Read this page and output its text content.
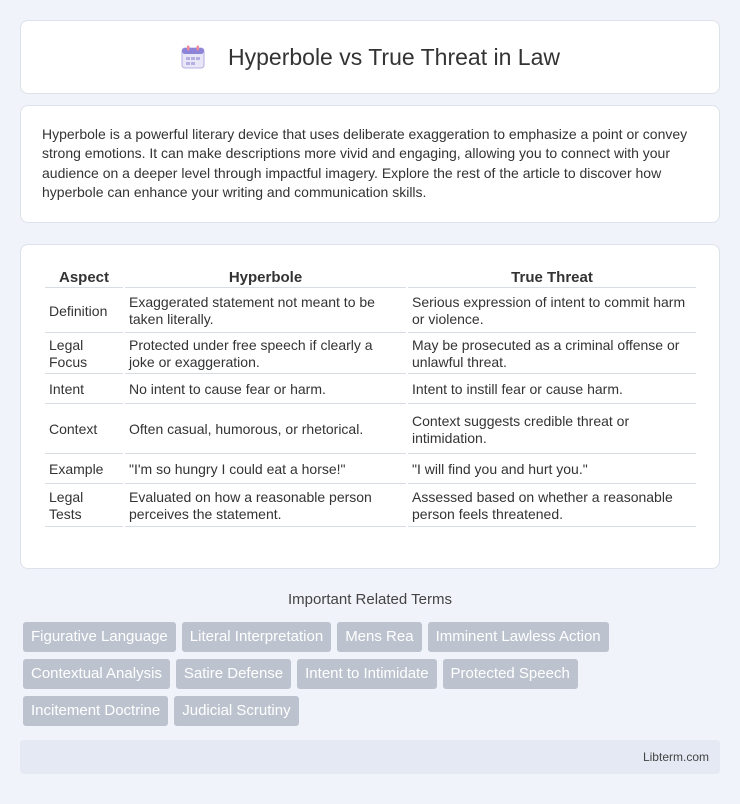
Hyperbole vs True Threat in Law

Hyperbole is a powerful literary device that uses deliberate exaggeration to emphasize a point or convey strong emotions. It can make descriptions more vivid and engaging, allowing you to connect with your audience on a deeper level through impactful imagery. Explore the rest of the article to discover how hyperbole can enhance your writing and communication skills.

Aspect	Hyperbole	True Threat
Definition	Exaggerated statement not meant to be taken literally.	Serious expression of intent to commit harm or violence.
Legal Focus	Protected under free speech if clearly a joke or exaggeration.	May be prosecuted as a criminal offense or unlawful threat.
Intent	No intent to cause fear or harm.	Intent to instill fear or cause harm.
Context	Often casual, humorous, or rhetorical.	Context suggests credible threat or intimidation.
Example	"I'm so hungry I could eat a horse!"	"I will find you and hurt you."
Legal Tests	Evaluated on how a reasonable person perceives the statement.	Assessed based on whether a reasonable person feels threatened.
Important Related Terms
Figurative Language	Literal Interpretation	Mens Rea	Imminent Lawless Action
Contextual Analysis	Satire Defense	Intent to Intimidate	Protected Speech
Incitement Doctrine	Judicial Scrutiny
Libterm.com
